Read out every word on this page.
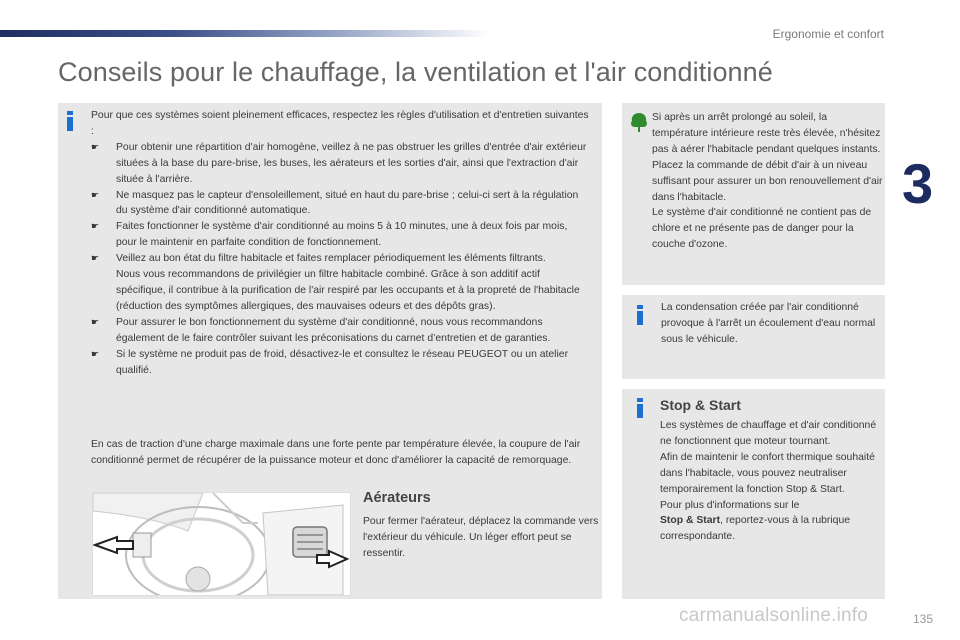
Ergonomie et confort
3
Conseils pour le chauffage, la ventilation et l'air conditionné
Pour que ces systèmes soient pleinement efficaces, respectez les règles d'utilisation et d'entretien suivantes :
☛	Pour obtenir une répartition d'air homogène, veillez à ne pas obstruer les grilles d'entrée d'air extérieur situées à la base du pare-brise, les buses, les aérateurs et les sorties d'air, ainsi que l'extraction d'air située à l'arrière.
☛	Ne masquez pas le capteur d'ensoleillement, situé en haut du pare-brise ; celui-ci sert à la régulation du système d'air conditionné automatique.
☛	Faites fonctionner le système d'air conditionné au moins 5 à 10 minutes, une à deux fois par mois, pour le maintenir en parfaite condition de fonctionnement.
☛	Veillez au bon état du filtre habitacle et faites remplacer périodiquement les éléments filtrants.
Nous vous recommandons de privilégier un filtre habitacle combiné. Grâce à son additif actif spécifique, il contribue à la purification de l'air respiré par les occupants et à la propreté de l'habitacle (réduction des symptômes allergiques, des mauvaises odeurs et des dépôts gras).
☛	Pour assurer le bon fonctionnement du système d'air conditionné, nous vous recommandons également de le faire contrôler suivant les préconisations du carnet d’entretien et de garanties.
☛	Si le système ne produit pas de froid, désactivez-le et consultez le réseau PEUGEOT ou un atelier qualifié.
En cas de traction d'une charge maximale dans une forte pente par température élevée, la coupure de l'air conditionné permet de récupérer de la puissance moteur et donc d'améliorer la capacité de remorquage.
Aérateurs
Pour fermer l'aérateur, déplacez la commande vers l'extérieur du véhicule. Un léger effort peut se ressentir.
Si après un arrêt prolongé au soleil, la température intérieure reste très élevée, n'hésitez pas à aérer l'habitacle pendant quelques instants.
Placez la commande de débit d'air à un niveau suffisant pour assurer un bon renouvellement d'air dans l'habitacle.
Le système d'air conditionné ne contient pas de chlore et ne présente pas de danger pour la couche d'ozone.
La condensation créée par l'air conditionné provoque à l'arrêt un écoulement d'eau normal sous le véhicule.
Stop & Start
Les systèmes de chauffage et d'air conditionné ne fonctionnent que moteur tournant.
Afin de maintenir le confort thermique souhaité dans l'habitacle, vous pouvez neutraliser temporairement la fonction Stop & Start.
Pour plus d'informations sur le
Stop & Start, reportez-vous à la rubrique correspondante.
carmanualsonline.info	135
